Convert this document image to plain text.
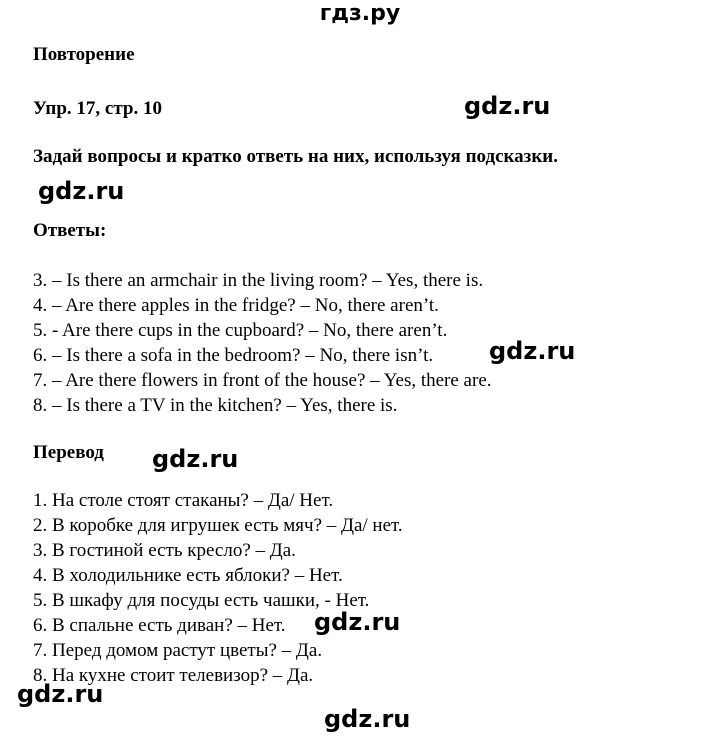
гдз.ру
Повторение
Упр. 17, стр. 10
Задай вопросы и кратко ответь на них, используя подсказки.
Ответы:
3. – Is there an armchair in the living room? – Yes, there is.
4. – Are there apples in the fridge? – No, there aren’t.
5. - Are there cups in the cupboard? – No, there aren’t.
6. – Is there a sofa in the bedroom? – No, there isn’t.
7. – Are there flowers in front of the house? – Yes, there are.
8. – Is there a TV in the kitchen? – Yes, there is.
Перевод
1. На столе стоят стаканы? – Да/ Нет.
2. В коробке для игрушек есть мяч? – Да/ нет.
3. В гостиной есть кресло? – Да.
4. В холодильнике есть яблоки? – Нет.
5. В шкафу для посуды есть чашки, - Нет.
6. В спальне есть диван? – Нет.
7. Перед домом растут цветы? – Да.
8. На кухне стоит телевизор? – Да.
gdz.ru
gdz.ru
gdz.ru
gdz.ru
gdz.ru
gdz.ru
gdz.ru
